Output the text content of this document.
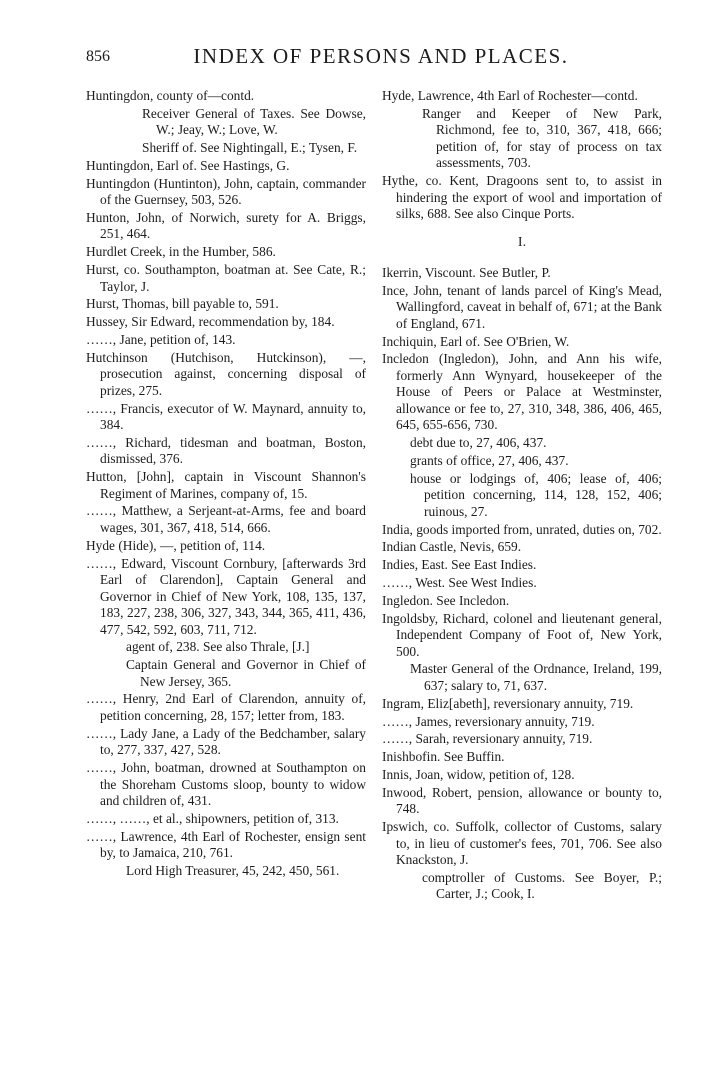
856	INDEX OF PERSONS AND PLACES.
Huntingdon, county of—contd.
Receiver General of Taxes. See Dowse, W.; Jeay, W.; Love, W.
Sheriff of. See Nightingall, E.; Tysen, F.
Huntingdon, Earl of. See Hastings, G.
Huntingdon (Huntinton), John, captain, commander of the Guernsey, 503, 526.
Hunton, John, of Norwich, surety for A. Briggs, 251, 464.
Hurdlet Creek, in the Humber, 586.
Hurst, co. Southampton, boatman at. See Cate, R.; Taylor, J.
Hurst, Thomas, bill payable to, 591.
Hussey, Sir Edward, recommendation by, 184.
……, Jane, petition of, 143.
Hutchinson (Hutchison, Hutckinson), —, prosecution against, concerning disposal of prizes, 275.
……, Francis, executor of W. Maynard, annuity to, 384.
……, Richard, tidesman and boatman, Boston, dismissed, 376.
Hutton, [John], captain in Viscount Shannon's Regiment of Marines, company of, 15.
……, Matthew, a Serjeant-at-Arms, fee and board wages, 301, 367, 418, 514, 666.
Hyde (Hide), —, petition of, 114.
……, Edward, Viscount Cornbury, [afterwards 3rd Earl of Clarendon], Captain General and Governor in Chief of New York, 108, 135, 137, 183, 227, 238, 306, 327, 343, 344, 365, 411, 436, 477, 542, 592, 603, 711, 712.
agent of, 238. See also Thrale, [J.]
Captain General and Governor in Chief of New Jersey, 365.
……, Henry, 2nd Earl of Clarendon, annuity of, petition concerning, 28, 157; letter from, 183.
……, Lady Jane, a Lady of the Bedchamber, salary to, 277, 337, 427, 528.
……, John, boatman, drowned at Southampton on the Shoreham Customs sloop, bounty to widow and children of, 431.
……, ……, et al., shipowners, petition of, 313.
……, Lawrence, 4th Earl of Rochester, ensign sent by, to Jamaica, 210, 761.
Lord High Treasurer, 45, 242, 450, 561.
Hyde, Lawrence, 4th Earl of Rochester—contd.
Ranger and Keeper of New Park, Richmond, fee to, 310, 367, 418, 666; petition of, for stay of process on tax assessments, 703.
Hythe, co. Kent, Dragoons sent to, to assist in hindering the export of wool and importation of silks, 688. See also Cinque Ports.
I.
Ikerrin, Viscount. See Butler, P.
Ince, John, tenant of lands parcel of King's Mead, Wallingford, caveat in behalf of, 671; at the Bank of England, 671.
Inchiquin, Earl of. See O'Brien, W.
Incledon (Ingledon), John, and Ann his wife, formerly Ann Wynyard, housekeeper of the House of Peers or Palace at Westminster, allowance or fee to, 27, 310, 348, 386, 406, 465, 645, 655-656, 730.
debt due to, 27, 406, 437.
grants of office, 27, 406, 437.
house or lodgings of, 406; lease of, 406; petition concerning, 114, 128, 152, 406; ruinous, 27.
India, goods imported from, unrated, duties on, 702.
Indian Castle, Nevis, 659.
Indies, East. See East Indies.
……, West. See West Indies.
Ingledon. See Incledon.
Ingoldsby, Richard, colonel and lieutenant general, Independent Company of Foot of, New York, 500.
Master General of the Ordnance, Ireland, 199, 637; salary to, 71, 637.
Ingram, Eliz[abeth], reversionary annuity, 719.
……, James, reversionary annuity, 719.
……, Sarah, reversionary annuity, 719.
Inishbofin. See Buffin.
Innis, Joan, widow, petition of, 128.
Inwood, Robert, pension, allowance or bounty to, 748.
Ipswich, co. Suffolk, collector of Customs, salary to, in lieu of customer's fees, 701, 706. See also Knackston, J.
comptroller of Customs. See Boyer, P.; Carter, J.; Cook, I.
